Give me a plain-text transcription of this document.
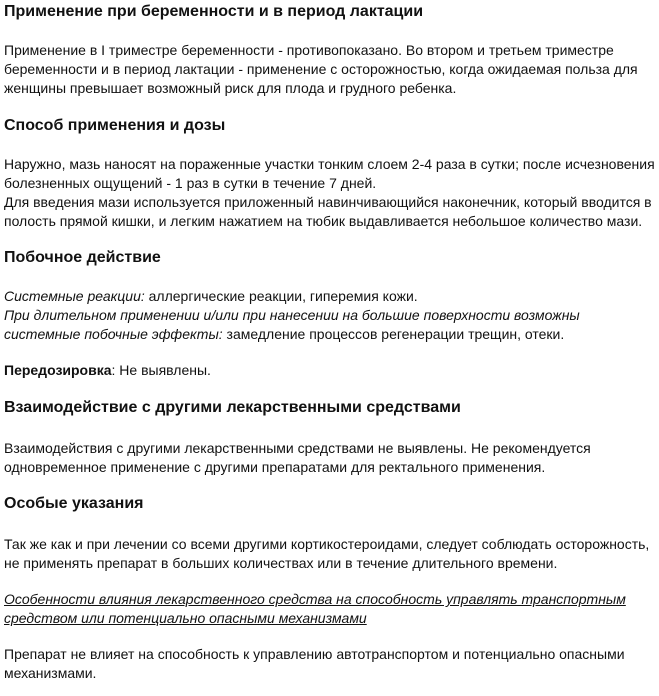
Применение при беременности и в период лактации

Применение в I триместре беременности - противопоказано. Во втором и третьем триместре беременности и в период лактации - применение с осторожностью, когда ожидаемая польза для женщины превышает возможный риск для плода и грудного ребенка.

Способ применения и дозы

Наружно, мазь наносят на пораженные участки тонким слоем 2-4 раза в сутки; после исчезновения болезненных ощущений - 1 раз в сутки в течение 7 дней.

Для введения мази используется приложенный навинчивающийся наконечник, который вводится в полость прямой кишки, и легким нажатием на тюбик выдавливается небольшое количество мази.

Побочное действие

Системные реакции: аллергические реакции, гиперемия кожи.

При длительном применении и/или при нанесении на большие поверхности возможны системные побочные эффекты: замедление процессов регенерации трещин, отеки.

Передозировка: Не выявлены.

Взаимодействие с другими лекарственными средствами

Взаимодействия с другими лекарственными средствами не выявлены. Не рекомендуется одновременное применение с другими препаратами для ректального применения.

Особые указания

Так же как и при лечении со всеми другими кортикостероидами, следует соблюдать осторожность, не применять препарат в больших количествах или в течение длительного времени.

Особенности влияния лекарственного средства на способность управлять транспортным средством или потенциально опасными механизмами

Препарат не влияет на способность к управлению автотранспортом и потенциально опасными механизмами.
